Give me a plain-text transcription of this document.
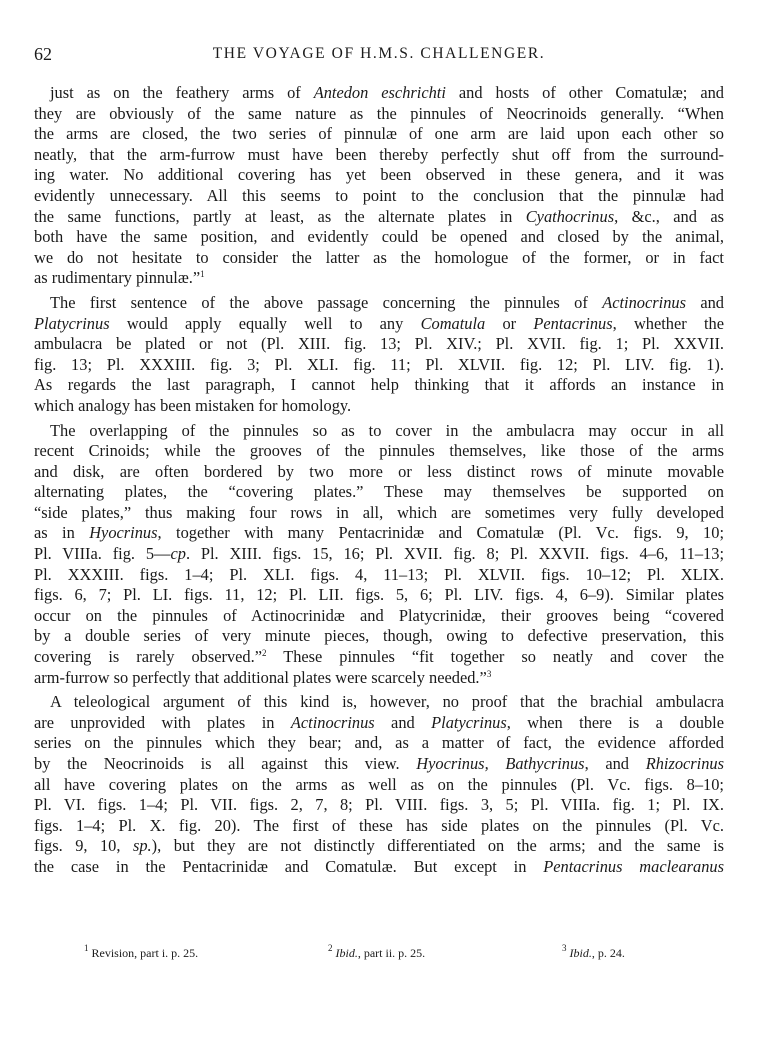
62	THE VOYAGE OF H.M.S. CHALLENGER.
just as on the feathery arms of Antedon eschrichti and hosts of other Comatulæ; and
they are obviously of the same nature as the pinnules of Neocrinoids generally. “When
the arms are closed, the two series of pinnulæ of one arm are laid upon each other so
neatly, that the arm-furrow must have been thereby perfectly shut off from the surround-
ing water. No additional covering has yet been observed in these genera, and it was
evidently unnecessary. All this seems to point to the conclusion that the pinnulæ had
the same functions, partly at least, as the alternate plates in Cyathocrinus, &c., and as
both have the same position, and evidently could be opened and closed by the animal,
we do not hesitate to consider the latter as the homologue of the former, or in fact
as rudimentary pinnulæ.”$^1$
The first sentence of the above passage concerning the pinnules of Actinocrinus and
Platycrinus would apply equally well to any Comatula or Pentacrinus, whether the
ambulacra be plated or not (Pl. XIII. fig. 13; Pl. XIV.; Pl. XVII. fig. 1; Pl. XXVII.
fig. 13; Pl. XXXIII. fig. 3; Pl. XLI. fig. 11; Pl. XLVII. fig. 12; Pl. LIV. fig. 1).
As regards the last paragraph, I cannot help thinking that it affords an instance in
which analogy has been mistaken for homology.
The overlapping of the pinnules so as to cover in the ambulacra may occur in all
recent Crinoids; while the grooves of the pinnules themselves, like those of the arms
and disk, are often bordered by two more or less distinct rows of minute movable
alternating plates, the “covering plates.” These may themselves be supported on
“side plates,” thus making four rows in all, which are sometimes very fully developed
as in Hyocrinus, together with many Pentacrinidæ and Comatulæ (Pl. Vc. figs. 9, 10;
Pl. VIIIa. fig. 5—cp. Pl. XIII. figs. 15, 16; Pl. XVII. fig. 8; Pl. XXVII. figs. 4–6, 11–13;
Pl. XXXIII. figs. 1–4; Pl. XLI. figs. 4, 11–13; Pl. XLVII. figs. 10–12; Pl. XLIX.
figs. 6, 7; Pl. LI. figs. 11, 12; Pl. LII. figs. 5, 6; Pl. LIV. figs. 4, 6–9). Similar plates
occur on the pinnules of Actinocrinidæ and Platycrinidæ, their grooves being “covered
by a double series of very minute pieces, though, owing to defective preservation, this
covering is rarely observed.”$^2$ These pinnules “fit together so neatly and cover the
arm-furrow so perfectly that additional plates were scarcely needed.”$^3$
A teleological argument of this kind is, however, no proof that the brachial ambulacra
are unprovided with plates in Actinocrinus and Platycrinus, when there is a double
series on the pinnules which they bear; and, as a matter of fact, the evidence afforded
by the Neocrinoids is all against this view. Hyocrinus, Bathycrinus, and Rhizocrinus
all have covering plates on the arms as well as on the pinnules (Pl. Vc. figs. 8–10;
Pl. VI. figs. 1–4; Pl. VII. figs. 2, 7, 8; Pl. VIII. figs. 3, 5; Pl. VIIIa. fig. 1; Pl. IX.
figs. 1–4; Pl. X. fig. 20). The first of these has side plates on the pinnules (Pl. Vc.
figs. 9, 10, sp.), but they are not distinctly differentiated on the arms; and the same is
the case in the Pentacrinidæ and Comatulæ. But except in Pentacrinus maclearanus
$^1$ Revision, part i. p. 25.	$^2$ Ibid., part ii. p. 25.	$^3$ Ibid., p. 24.
